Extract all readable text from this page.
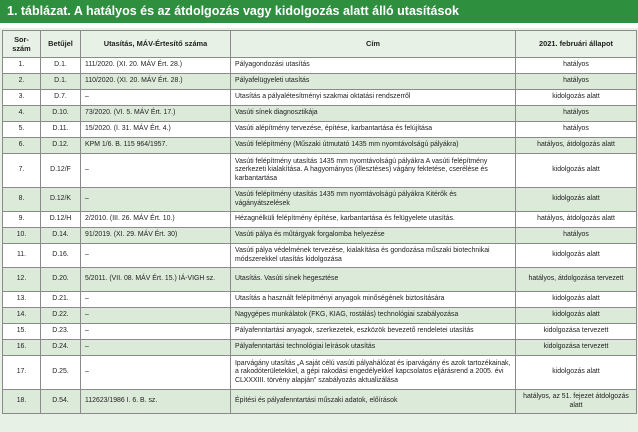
1. táblázat. A hatályos és az átdolgozás vagy kidolgozás alatt álló utasítások
Sor-
szám	Betűjel	Utasítás, MÁV-Értesítő száma	Cím	2021. februári állapot
1.	D.1.	111/2020. (XI. 20. MÁV Ért. 28.)	Pályagondozási utasítás	hatályos
2.	D.1.	110/2020. (XI. 20. MÁV Ért. 28.)	Pályafelügyeleti utasítás	hatályos
3.	D.7.	–	Utasítás a pályalétesítményi szakmai oktatási rendszerről	kidolgozás alatt
4.	D.10.	73/2020. (VI. 5. MÁV Ért. 17.)	Vasúti sínek diagnosztikája	hatályos
5.	D.11.	15/2020. (I. 31. MÁV Ért. 4.)	Vasúti alépítmény tervezése, építése, karbantartása és felújítása	hatályos
6.	D.12.	KPM 1/6. B. 115 964/1957.	Vasúti felépítmény (Műszaki útmutató 1435 mm nyomtávolságú pályákra)	hatályos, átdolgozás alatt
7.	D.12/F	–	Vasúti felépítmény utasítás 1435 mm nyomtávolságú pályákra A vasúti felépítmény szerkezeti kialakítása. A hagyományos (illesztéses) vágány fektetése, cserélése és karbantartása	kidolgozás alatt
8.	D.12/K	–	Vasúti felépítmény utasítás 1435 mm nyomtávolságú pályákra Kitérők és vágányátszelések	kidolgozás alatt
9.	D.12/H	2/2010. (III. 26. MÁV Ért. 10.)	Hézagnélküli felépítmény építése, karbantartása és felügyelete utasítás.	hatályos, átdolgozás alatt
10.	D.14.	91/2019. (XI. 29. MÁV Ért. 30)	Vasúti pálya és műtárgyak forgalomba helyezése	hatályos
11.	D.16.	–	Vasúti pálya védelmének tervezése, kialakítása és gondozása műszaki biotechnikai módszerekkel utasítás kidolgozása	kidolgozás alatt
12.	D.20.	5/2011. (VII. 08. MÁV Ért. 15.) IÁ-VIGH sz.	Utasítás. Vasúti sínek hegesztése	hatályos, átdolgozása tervezett
13.	D.21.	–	Utasítás a használt felépítményi anyagok minőségének biztosítására	kidolgozás alatt
14.	D.22.	–	Nagygépes munkálatok (FKG, KIAG, rostálás) technológiai szabályozása	kidolgozás alatt
15.	D.23.	–	Pályafenntartási anyagok, szerkezetek, eszközök bevezető rendeletei utasítás	kidolgozása tervezett
16.	D.24.	–	Pályafenntartási technológiai leírások utasítás	kidolgozása tervezett
17.	D.25.	–	Iparvágány utasítás „A saját célú vasúti pályahálózat és iparvágány és azok tartozékainak, a rakodóterületekkel, a gépi rakodási engedélyekkel kapcsolatos eljárásrend a 2005. évi CLXXXIII. törvény alapján" szabályozás aktualizálása	kidolgozás alatt
18.	D.54.	112623/1986 I. 6. B. sz.	Építési és pályafenntartási műszaki adatok, előírások	hatályos, az 51. fejezet átdolgozás alatt
